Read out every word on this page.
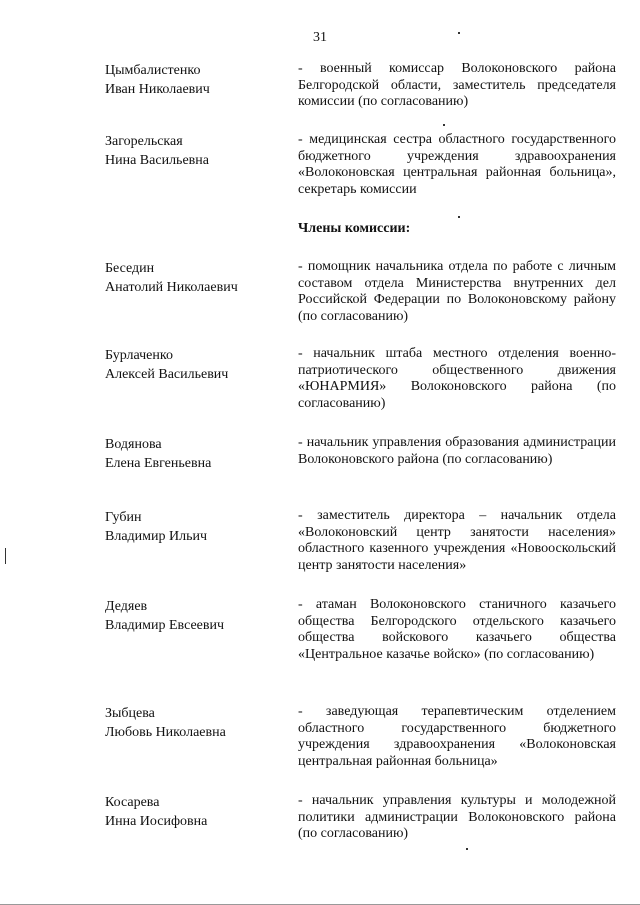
31
Цымбалистенко
Иван Николаевич
- военный комиссар Волоконовского района Белгородской области, заместитель председателя комиссии (по согласованию)
Загорельская
Нина Васильевна
- медицинская сестра областного государственного бюджетного учреждения здравоохранения «Волоконовская центральная районная больница», секретарь комиссии
Члены комиссии:
Беседин
Анатолий Николаевич
- помощник начальника отдела по работе с личным составом отдела Министерства внутренних дел Российской Федерации по Волоконовскому району (по согласованию)
Бурлаченко
Алексей Васильевич
- начальник штаба местного отделения военно-патриотического общественного движения «ЮНАРМИЯ» Волоконовского района (по согласованию)
Водянова
Елена Евгеньевна
- начальник управления образования администрации Волоконовского района (по согласованию)
Губин
Владимир Ильич
- заместитель директора – начальник отдела «Волоконовский центр занятости населения» областного казенного учреждения «Новооскольский центр занятости населения»
Дедяев
Владимир Евсеевич
- атаман Волоконовского станичного казачьего общества Белгородского отдельского казачьего общества войскового казачьего общества «Центральное казачье войско» (по согласованию)
Зыбцева
Любовь Николаевна
- заведующая терапевтическим отделением областного государственного бюджетного учреждения здравоохранения «Волоконовская центральная районная больница»
Косарева
Инна Иосифовна
- начальник управления культуры и молодежной политики администрации Волоконовского района (по согласованию)
